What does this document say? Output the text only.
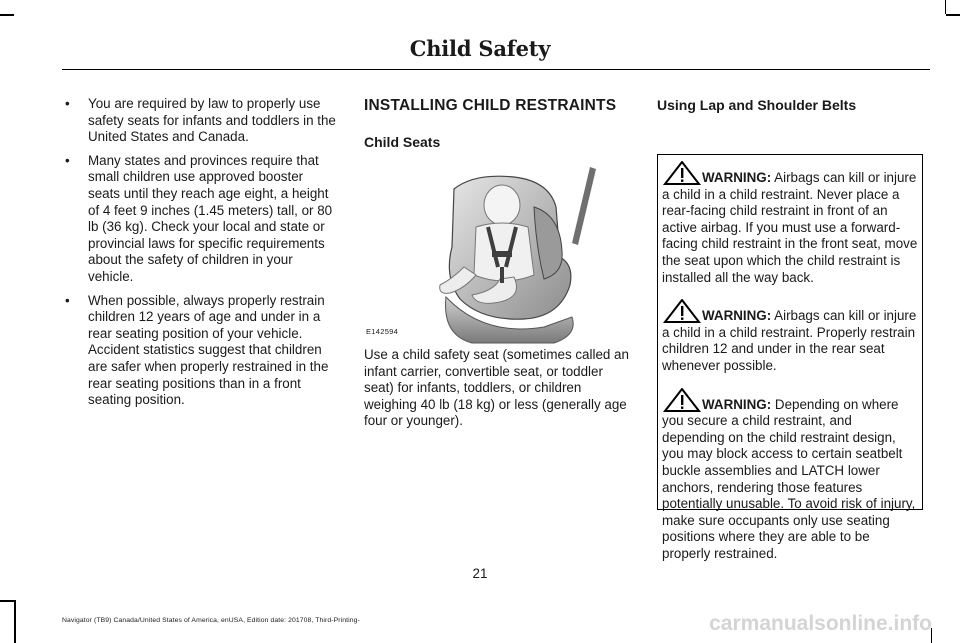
Child Safety
• You are required by law to properly use safety seats for infants and toddlers in the United States and Canada.
• Many states and provinces require that small children use approved booster seats until they reach age eight, a height of 4 feet 9 inches (1.45 meters) tall, or 80 lb (36 kg). Check your local and state or provincial laws for specific requirements about the safety of children in your vehicle.
• When possible, always properly restrain children 12 years of age and under in a rear seating position of your vehicle. Accident statistics suggest that children are safer when properly restrained in the rear seating positions than in a front seating position.
INSTALLING CHILD RESTRAINTS
Child Seats
E142594

Use a child safety seat (sometimes called an infant carrier, convertible seat, or toddler seat) for infants, toddlers, or children weighing 40 lb (18 kg) or less (generally age four or younger).

Using Lap and Shoulder Belts

WARNING: Airbags can kill or injure a child in a child restraint. Never place a rear-facing child restraint in front of an active airbag. If you must use a forward-facing child restraint in the front seat, move the seat upon which the child restraint is installed all the way back.

WARNING: Airbags can kill or injure a child in a child restraint. Properly restrain children 12 and under in the rear seat whenever possible.

WARNING: Depending on where you secure a child restraint, and depending on the child restraint design, you may block access to certain seatbelt buckle assemblies and LATCH lower anchors, rendering those features potentially unusable. To avoid risk of injury, make sure occupants only use seating positions where they are able to be properly restrained.

21
Navigator (TB9) Canada/United States of America, enUSA, Edition date: 201708, Third-Printing-	carmanualsonline.info
